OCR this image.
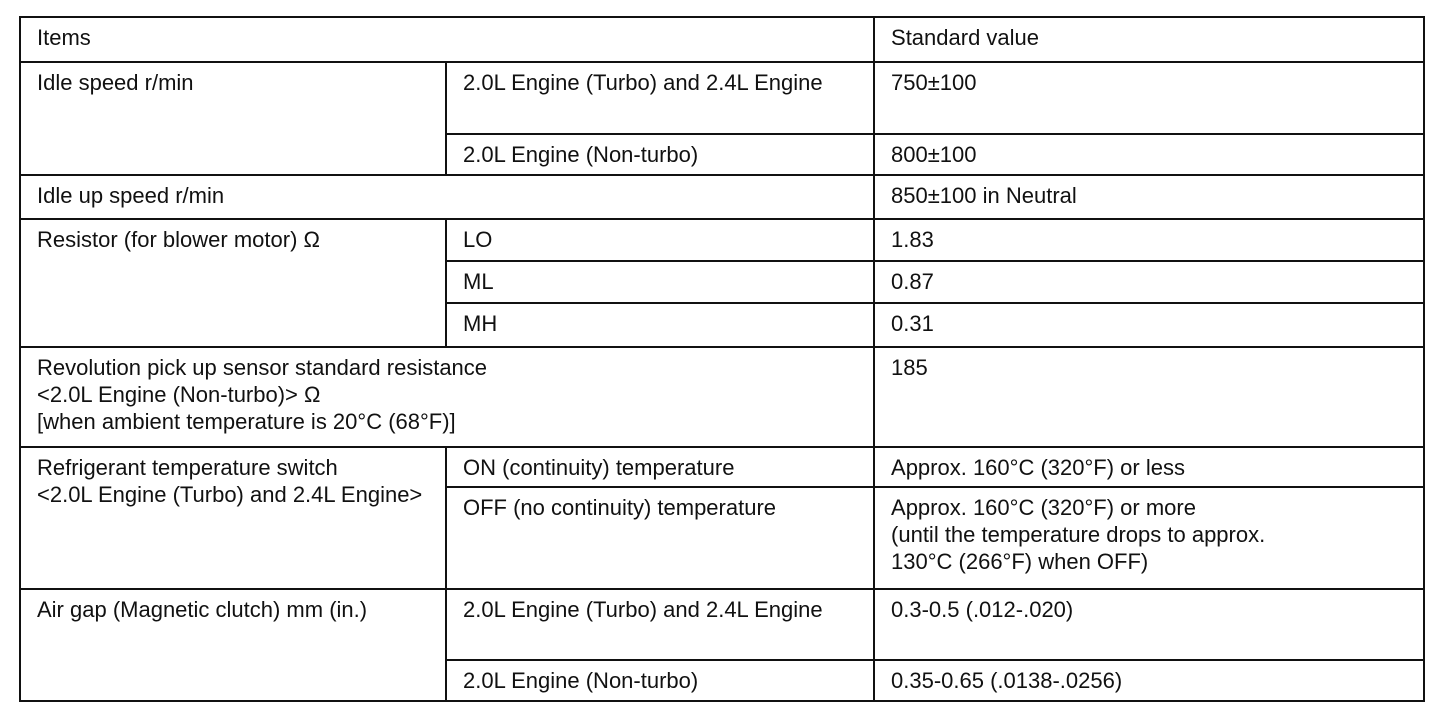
Items		Standard value
Idle speed r/min	2.0L Engine (Turbo) and 2.4L Engine	750±100
	2.0L Engine (Non-turbo)	800±100
Idle up speed r/min		850±100 in Neutral
Resistor (for blower motor) Ω	LO	1.83
	ML	0.87
	MH	0.31

Revolution pick up sensor standard resistance
<2.0L Engine (Non-turbo)> Ω
[when ambient temperature is 20°C (68°F)]		185

Refrigerant temperature switch
<2.0L Engine (Turbo) and 2.4L Engine>	ON (continuity) temperature	Approx. 160°C (320°F) or less

	OFF (no continuity) temperature	Approx. 160°C (320°F) or more
(until the temperature drops to approx.
130°C (266°F) when OFF)

Air gap (Magnetic clutch) mm (in.)	2.0L Engine (Turbo) and 2.4L Engine	0.3-0.5 (.012-.020)
	2.0L Engine (Non-turbo)	0.35-0.65 (.0138-.0256)
